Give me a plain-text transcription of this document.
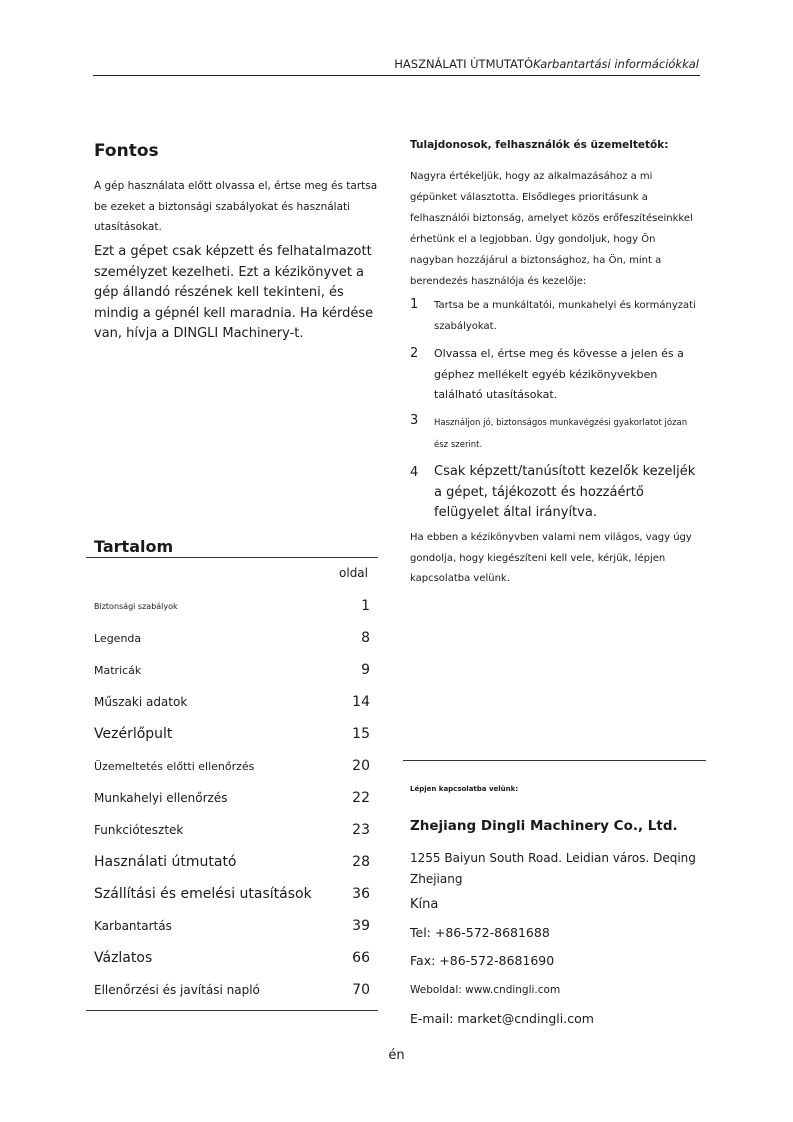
HASZNÁLATI ÚTMUTATÓKarbantartási információkkal
Fontos
A gép használata előtt olvassa el, értse meg és tartsa be ezeket a biztonsági szabályokat és használati utasításokat.
Ezt a gépet csak képzett és felhatalmazott személyzet kezelheti. Ezt a kézikönyvet a gép állandó részének kell tekinteni, és mindig a gépnél kell maradnia. Ha kérdése van, hívja a DINGLI Machinery-t.
Tartalom
oldal
Biztonsági szabályok	1
Legenda	8
Matricák	9
Műszaki adatok	14
Vezérlőpult	15
Üzemeltetés előtti ellenőrzés	20
Munkahelyi ellenőrzés	22
Funkciótesztek	23
Használati útmutató	28
Szállítási és emelési utasítások	36
Karbantartás	39
Vázlatos	66
Ellenőrzési és javítási napló	70
Tulajdonosok, felhasználók és üzemeltetők:
Nagyra értékeljük, hogy az alkalmazásához a mi gépünket választotta. Elsődleges prioritásunk a felhasználói biztonság, amelyet közös erőfeszítéseinkkel érhetünk el a legjobban. Úgy gondoljuk, hogy Ön nagyban hozzájárul a biztonsághoz, ha Ön, mint a berendezés használója és kezelője:
1	Tartsa be a munkáltatói, munkahelyi és kormányzati szabályokat.
2	Olvassa el, értse meg és kövesse a jelen és a géphez mellékelt egyéb kézikönyvekben található utasításokat.
3	Használjon jó, biztonságos munkavégzési gyakorlatot józan ész szerint.
4	Csak képzett/tanúsított kezelők kezeljék a gépet, tájékozott és hozzáértő felügyelet által irányítva.
Ha ebben a kézikönyvben valami nem világos, vagy úgy gondolja, hogy kiegészíteni kell vele, kérjük, lépjen kapcsolatba velünk.
Lépjen kapcsolatba velünk:
Zhejiang Dingli Machinery Co., Ltd.
1255 Baiyun South Road. Leidian város. Deqing Zhejiang
Kína
Tel: +86-572-8681688
Fax: +86-572-8681690
Weboldal: www.cndingli.com
E-mail: market@cndingli.com
én
